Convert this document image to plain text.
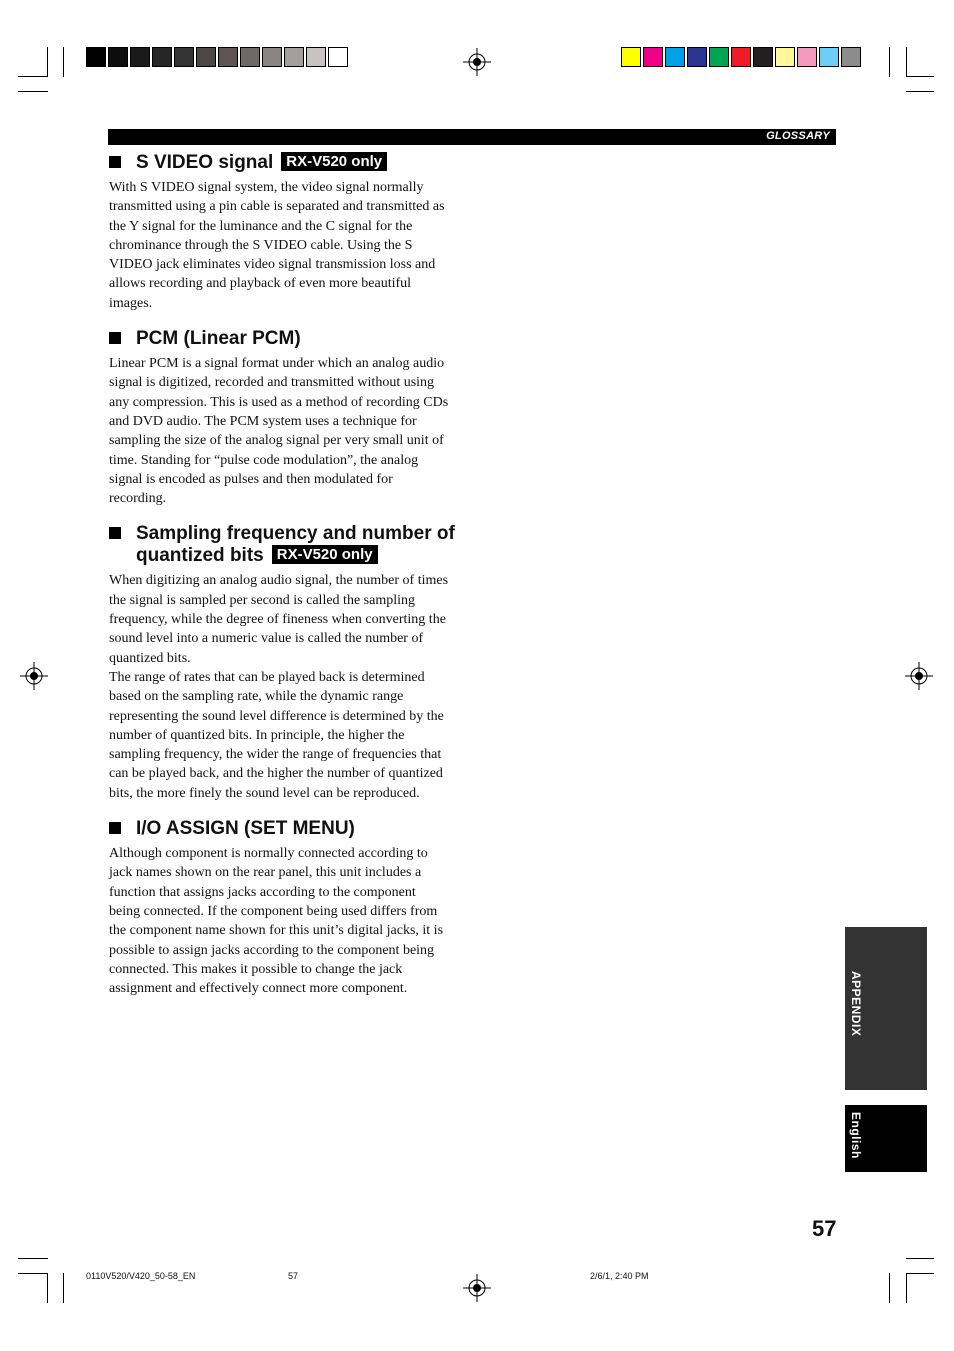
GLOSSARY
S VIDEO signal RX-V520 only

With S VIDEO signal system, the video signal normally
transmitted using a pin cable is separated and transmitted as
the Y signal for the luminance and the C signal for the
chrominance through the S VIDEO cable. Using the S
VIDEO jack eliminates video signal transmission loss and
allows recording and playback of even more beautiful
images.

PCM (Linear PCM)

Linear PCM is a signal format under which an analog audio
signal is digitized, recorded and transmitted without using
any compression. This is used as a method of recording CDs
and DVD audio. The PCM system uses a technique for
sampling the size of the analog signal per very small unit of
time. Standing for “pulse code modulation”, the analog
signal is encoded as pulses and then modulated for
recording.

Sampling frequency and number of
quantized bits RX-V520 only

When digitizing an analog audio signal, the number of times
the signal is sampled per second is called the sampling
frequency, while the degree of fineness when converting the
sound level into a numeric value is called the number of
quantized bits.
The range of rates that can be played back is determined
based on the sampling rate, while the dynamic range
representing the sound level difference is determined by the
number of quantized bits. In principle, the higher the
sampling frequency, the wider the range of frequencies that
can be played back, and the higher the number of quantized
bits, the more finely the sound level can be reproduced.

I/O ASSIGN (SET MENU)

Although component is normally connected according to
jack names shown on the rear panel, this unit includes a
function that assigns jacks according to the component
being connected. If the component being used differs from
the component name shown for this unit’s digital jacks, it is
possible to assign jacks according to the component being
connected. This makes it possible to change the jack
assignment and effectively connect more component.	APPENDIX
English
57
0110V520/V420_50-58_EN	57	2/6/1, 2:40 PM
